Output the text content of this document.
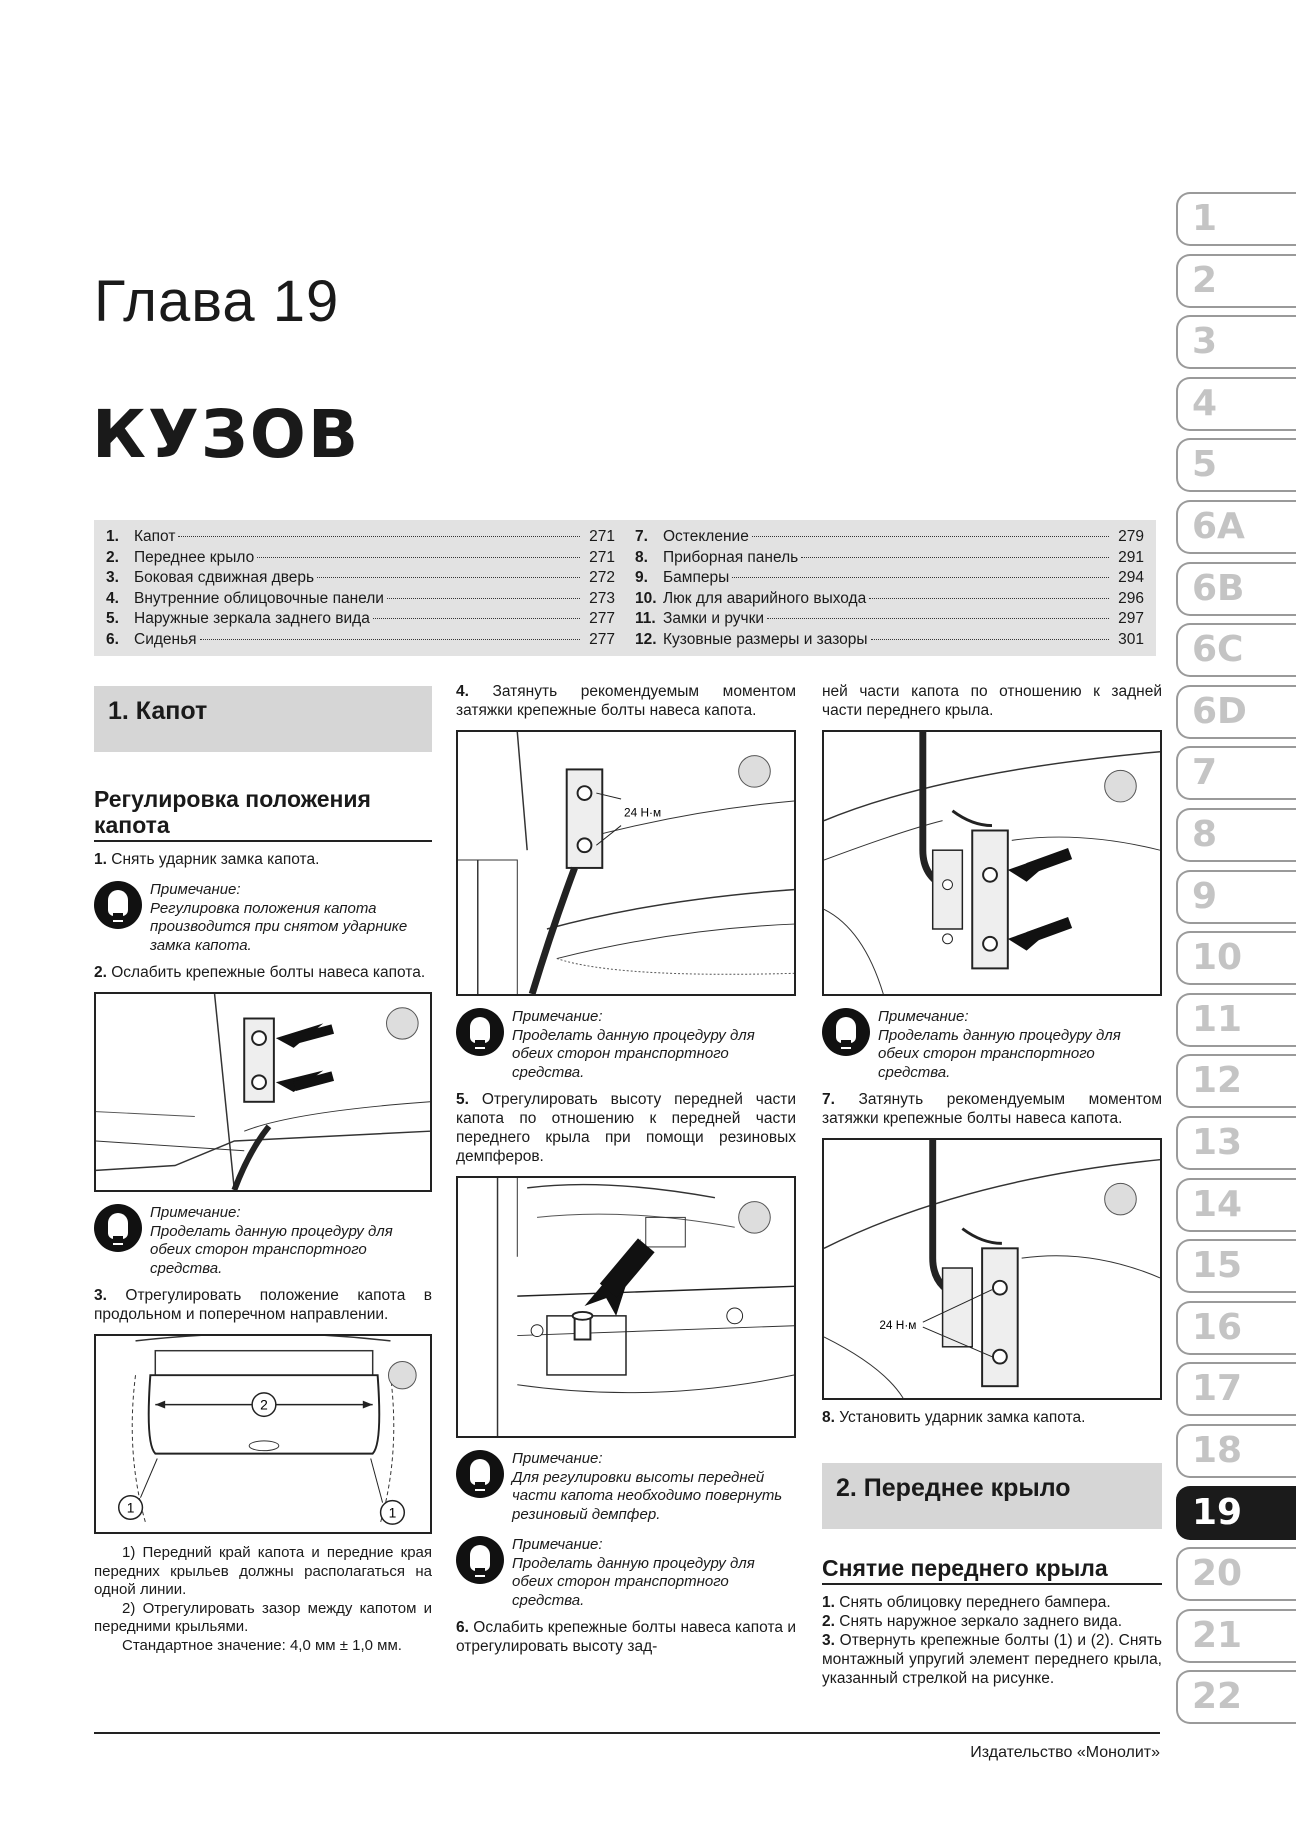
Глава 19
КУЗОВ
1. Капот	271
2. Переднее крыло	271
3. Боковая сдвижная дверь	272
4. Внутренние облицовочные панели	273
5. Наружные зеркала заднего вида	277
6. Сиденья	277
7. Остекление	279
8. Приборная панель	291
9. Бамперы	294
10. Люк для аварийного выхода	296
11. Замки и ручки	297
12. Кузовные размеры и зазоры	301
1
2
3
4
5
6A
6B
6C
6D
7
8
9
10
11
12
13
14
15
16
17
18
19
20
21
22
1. Капот
Регулировка положения капота
1. Снять ударник замка капота.
Примечание:
Регулировка положения капота производится при снятом ударнике замка капота.
2. Ослабить крепежные болты навеса капота.
Примечание:
Проделать данную процедуру для обеих сторон транспортного средства.
3. Отрегулировать положение капота в продольном и поперечном направлении.
2
1	1

1) Передний край капота и передние края передних крыльев должны располагаться на одной линии.

2) Отрегулировать зазор между капотом и передними крыльями.

Стандартное значение: 4,0 мм ± 1,0 мм.

4. Затянуть рекомендуемым моментом затяжки крепежные болты навеса капота.
24 Н·м
Примечание:
Проделать данную процедуру для обеих сторон транспортного средства.
5. Отрегулировать высоту передней части капота по отношению к передней части переднего крыла при помощи резиновых демпферов.
Примечание:
Для регулировки высоты передней части капота необходимо повернуть резиновый демпфер.
Примечание:
Проделать данную процедуру для обеих сторон транспортного средства.
6. Ослабить крепежные болты навеса капота и отрегулировать высоту зад-
ней части капота по отношению к задней части переднего крыла.
Примечание:
Проделать данную процедуру для обеих сторон транспортного средства.
7. Затянуть рекомендуемым моментом затяжки крепежные болты навеса капота.
24 Н·м
8. Установить ударник замка капота.
2. Переднее крыло
Снятие переднего крыла
1. Снять облицовку переднего бампера.
2. Снять наружное зеркало заднего вида.
3. Отвернуть крепежные болты (1) и (2). Снять монтажный упругий элемент переднего крыла, указанный стрелкой на рисунке.
Издательство «Монолит»
